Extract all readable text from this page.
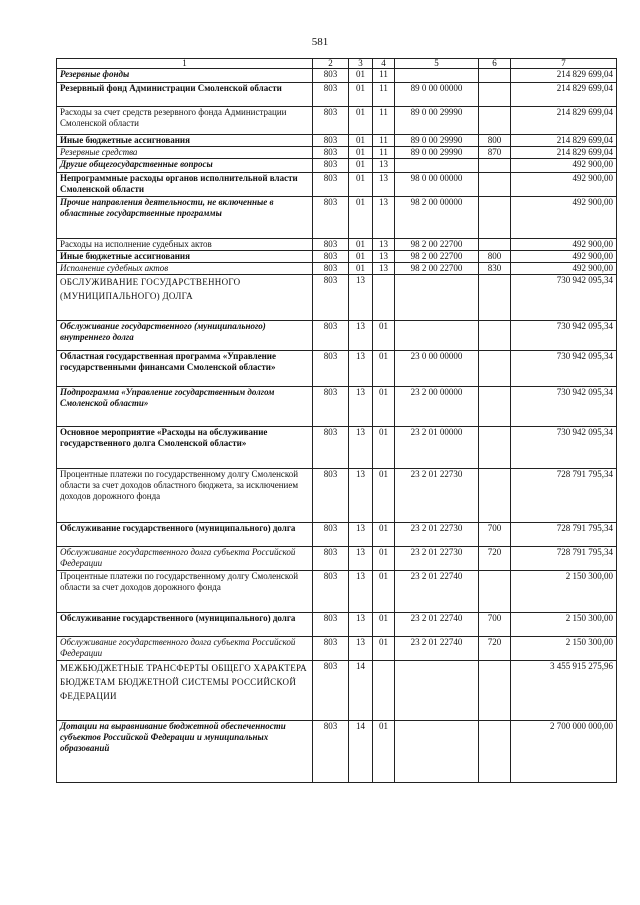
581
1	2	3	4	5	6	7
Резервные фонды	803	01	11			214 829 699,04
Резервный фонд Администрации Смоленской области	803	01	11	89 0 00 00000		214 829 699,04
Расходы за счет средств резервного фонда Администрации Смоленской области	803	01	11	89 0 00 29990		214 829 699,04
Иные бюджетные ассигнования	803	01	11	89 0 00 29990	800	214 829 699,04
Резервные средства	803	01	11	89 0 00 29990	870	214 829 699,04
Другие общегосударственные вопросы	803	01	13			492 900,00
Непрограммные расходы органов исполнительной власти Смоленской области	803	01	13	98 0 00 00000		492 900,00
Прочие направления деятельности, не включенные в областные государственные программы	803	01	13	98 2 00 00000		492 900,00
Расходы на исполнение судебных актов	803	01	13	98 2 00 22700		492 900,00
Иные бюджетные ассигнования	803	01	13	98 2 00 22700	800	492 900,00
Исполнение судебных актов	803	01	13	98 2 00 22700	830	492 900,00
ОБСЛУЖИВАНИЕ ГОСУДАРСТВЕННОГО (МУНИЦИПАЛЬНОГО) ДОЛГА	803	13				730 942 095,34
Обслуживание государственного (муниципального) внутреннего долга	803	13	01			730 942 095,34
Областная государственная программа «Управление государственными финансами Смоленской области»	803	13	01	23 0 00 00000		730 942 095,34
Подпрограмма «Управление государственным долгом Смоленской области»	803	13	01	23 2 00 00000		730 942 095,34
Основное мероприятие «Расходы на обслуживание государственного долга Смоленской области»	803	13	01	23 2 01 00000		730 942 095,34
Процентные платежи по государственному долгу Смоленской области за счет доходов областного бюджета, за исключением доходов дорожного фонда	803	13	01	23 2 01 22730		728 791 795,34
Обслуживание государственного (муниципального) долга	803	13	01	23 2 01 22730	700	728 791 795,34
Обслуживание государственного долга субъекта Российской Федерации	803	13	01	23 2 01 22730	720	728 791 795,34
Процентные платежи по государственному долгу Смоленской области за счет доходов дорожного фонда	803	13	01	23 2 01 22740		2 150 300,00
Обслуживание государственного (муниципального) долга	803	13	01	23 2 01 22740	700	2 150 300,00
Обслуживание государственного долга субъекта Российской Федерации	803	13	01	23 2 01 22740	720	2 150 300,00
МЕЖБЮДЖЕТНЫЕ ТРАНСФЕРТЫ ОБЩЕГО ХАРАКТЕРА БЮДЖЕТАМ БЮДЖЕТНОЙ СИСТЕМЫ РОССИЙСКОЙ ФЕДЕРАЦИИ	803	14				3 455 915 275,96
Дотации на выравнивание бюджетной обеспеченности субъектов Российской Федерации и муниципальных образований	803	14	01			2 700 000 000,00
